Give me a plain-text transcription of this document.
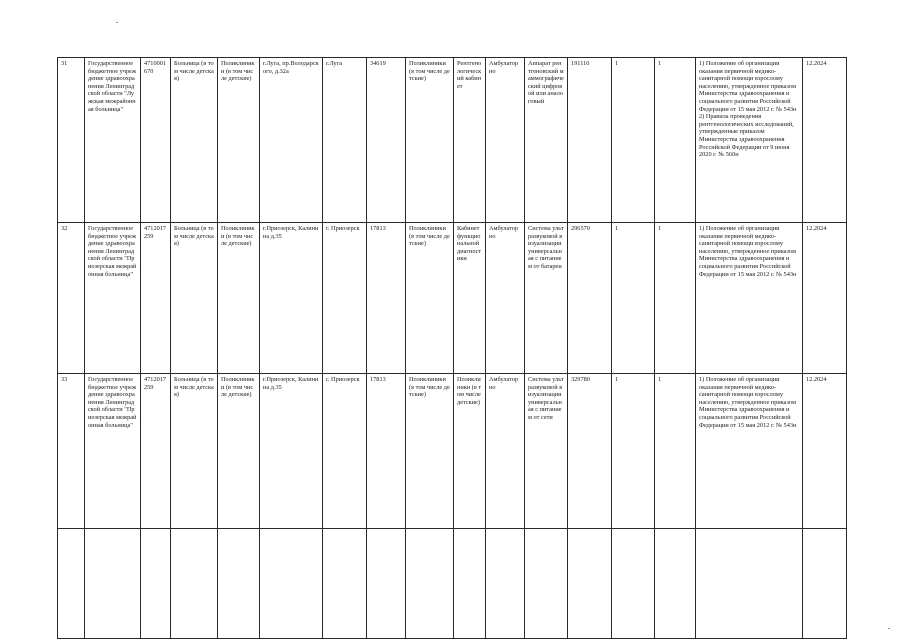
31	Государственное бюджетное учреждение здравоохранения Ленинградской области "Лужская межрайонная больница"	4710001670	Больница (в том числе детская)	Поликлиники (в том числе детские)	г.Луга, пр.Володарского, д.32а	г.Луга	34619	Поликлиники (в том числе детские)	Рентгенологический кабинет	Амбулаторно	Аппарат рентгеновский маммографический цифровой или аналоговый	191110	1	1	1) Положение об организации оказания первичной медико-санитарной помощи взрослому населению, утвержденное приказом Министерства здравоохранения и социального развития Российской Федерации от 15 мая 2012 г. № 543н 2) Правила проведения рентгенологических исследований, утвержденные приказом Министерства здравоохранения Российской Федерации от 9 июня 2020 г. № 560н	12.2024
32	Государственное бюджетное учреждение здравоохранения Ленинградской области "Приозерская межрайонная больница"	4712017259	Больница (в том числе детская)	Поликлиники (в том числе детские)	г.Приозерск, Калинина д.35	г. Приозерск	17813	Поликлиники (в том числе детские)	Кабинет функциональной диагностики	Амбулаторно	Система ультразвуковой визуализации универсальная с питанием от батареи	296570	1	1	1) Положение об организации оказания первичной медико-санитарной помощи взрослому населению, утвержденное приказом Министерства здравоохранения и социального развития Российской Федерации от 15 мая 2012 г. № 543н	12.2024
33	Государственное бюджетное учреждение здравоохранения Ленинградской области "Приозерская межрайонная больница"	4712017259	Больница (в том числе детская)	Поликлиники (в том числе детские)	г.Приозерск, Калинина д.35	г. Приозерск	17813	Поликлиники (в том числе детские)	Поликлиники (в том числе детские)	Амбулаторно	Система ультразвуковой визуализации универсальная с питанием от сети	329780	1	1	1) Положение об организации оказания первичной медико-санитарной помощи взрослому населению, утвержденное приказом Министерства здравоохранения и социального развития Российской Федерации от 15 мая 2012 г. № 543н	12.2024
